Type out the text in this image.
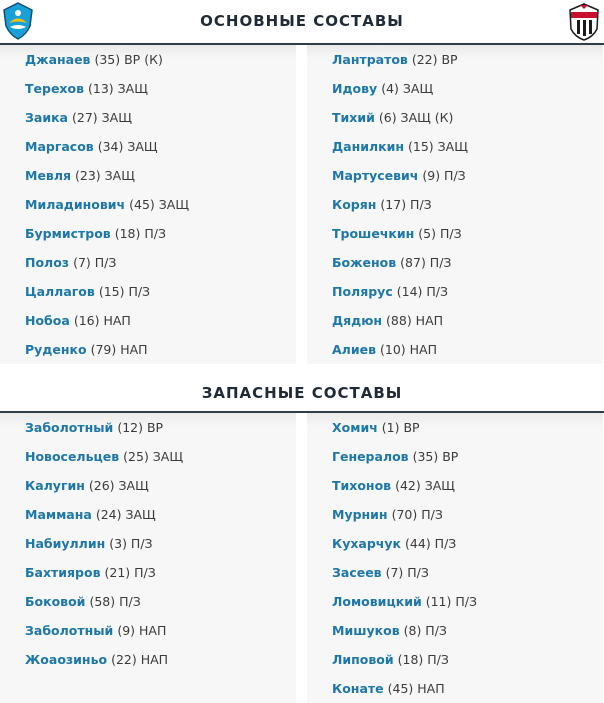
ОСНОВНЫЕ СОСТАВЫ
Джанаев (35) ВР (К)
Терехов (13) ЗАЩ
Заика (27) ЗАЩ
Маргасов (34) ЗАЩ
Мевля (23) ЗАЩ
Миладинович (45) ЗАЩ
Бурмистров (18) П/З
Полоз (7) П/З
Цаллагов (15) П/З
Нобоа (16) НАП
Руденко (79) НАП
Лантратов (22) ВР
Идову (4) ЗАЩ
Тихий (6) ЗАЩ (К)
Данилкин (15) ЗАЩ
Мартусевич (9) П/З
Корян (17) П/З
Трошечкин (5) П/З
Боженов (87) П/З
Полярус (14) П/З
Дядюн (88) НАП
Алиев (10) НАП
ЗАПАСНЫЕ СОСТАВЫ
Заболотный (12) ВР
Новосельцев (25) ЗАЩ
Калугин (26) ЗАЩ
Маммана (24) ЗАЩ
Набиуллин (3) П/З
Бахтияров (21) П/З
Боковой (58) П/З
Заболотный (9) НАП
Жоаозиньо (22) НАП
Хомич (1) ВР
Генералов (35) ВР
Тихонов (42) ЗАЩ
Мурнин (70) П/З
Кухарчук (44) П/З
Засеев (7) П/З
Ломовицкий (11) П/З
Мишуков (8) П/З
Липовой (18) П/З
Конате (45) НАП
